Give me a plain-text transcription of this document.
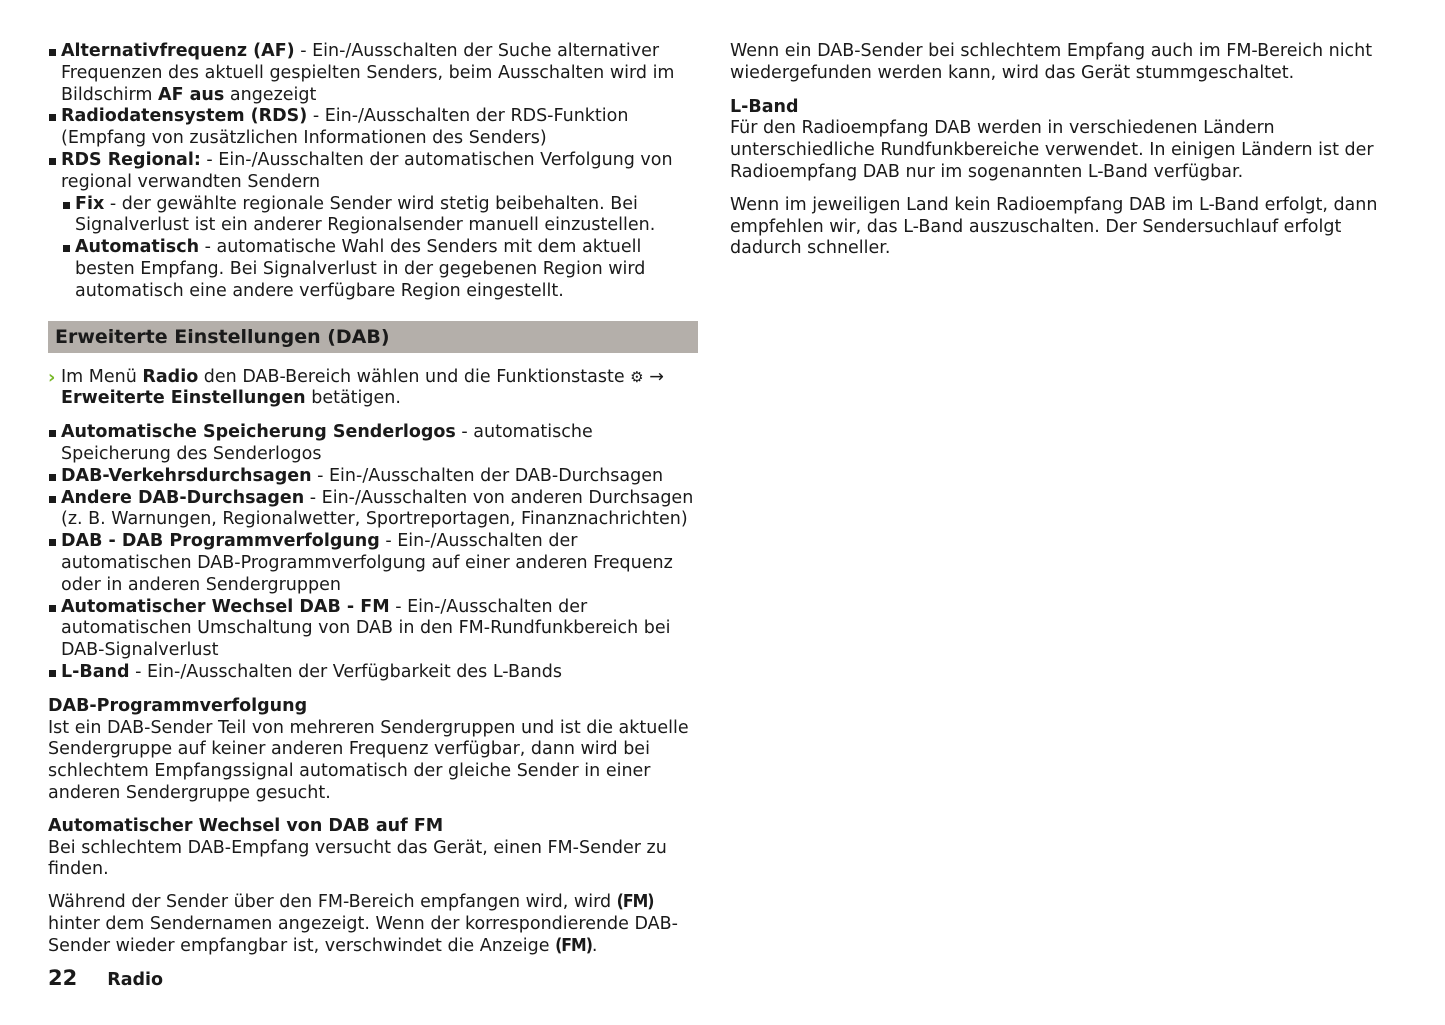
Alternativfrequenz (AF) - Ein-/Ausschalten der Suche alternativer Frequenzen des aktuell gespielten Senders, beim Ausschalten wird im Bildschirm AF aus angezeigt
Radiodatensystem (RDS) - Ein-/Ausschalten der RDS-Funktion (Empfang von zusätzlichen Informationen des Senders)
RDS Regional: - Ein-/Ausschalten der automatischen Verfolgung von regional verwandten Sendern
Fix - der gewählte regionale Sender wird stetig beibehalten. Bei Signalverlust ist ein anderer Regionalsender manuell einzustellen.
Automatisch - automatische Wahl des Senders mit dem aktuell besten Empfang. Bei Signalverlust in der gegebenen Region wird automatisch eine andere verfügbare Region eingestellt.
Erweiterte Einstellungen (DAB)
› Im Menü Radio den DAB-Bereich wählen und die Funktionstaste ⚙ → Erweiterte Einstellungen betätigen.
Automatische Speicherung Senderlogos - automatische Speicherung des Senderlogos
DAB-Verkehrsdurchsagen - Ein-/Ausschalten der DAB-Durchsagen
Andere DAB-Durchsagen - Ein-/Ausschalten von anderen Durchsagen (z. B. Warnungen, Regionalwetter, Sportreportagen, Finanznachrichten)
DAB - DAB Programmverfolgung - Ein-/Ausschalten der automatischen DAB-Programmverfolgung auf einer anderen Frequenz oder in anderen Sendergruppen
Automatischer Wechsel DAB - FM - Ein-/Ausschalten der automatischen Umschaltung von DAB in den FM-Rundfunkbereich bei DAB-Signalverlust
L-Band - Ein-/Ausschalten der Verfügbarkeit des L-Bands
DAB-Programmverfolgung

Ist ein DAB-Sender Teil von mehreren Sendergruppen und ist die aktuelle Sendergruppe auf keiner anderen Frequenz verfügbar, dann wird bei schlechtem Empfangssignal automatisch der gleiche Sender in einer anderen Sendergruppe gesucht.

Automatischer Wechsel von DAB auf FM

Bei schlechtem DAB-Empfang versucht das Gerät, einen FM-Sender zu finden.

Während der Sender über den FM-Bereich empfangen wird, wird (FM) hinter dem Sendernamen angezeigt. Wenn der korrespondierende DAB-Sender wieder empfangbar ist, verschwindet die Anzeige (FM).

Wenn ein DAB-Sender bei schlechtem Empfang auch im FM-Bereich nicht wiedergefunden werden kann, wird das Gerät stummgeschaltet.

L-Band

Für den Radioempfang DAB werden in verschiedenen Ländern unterschiedliche Rundfunkbereiche verwendet. In einigen Ländern ist der Radioempfang DAB nur im sogenannten L-Band verfügbar.

Wenn im jeweiligen Land kein Radioempfang DAB im L-Band erfolgt, dann empfehlen wir, das L-Band auszuschalten. Der Sendersuchlauf erfolgt dadurch schneller.

22 Radio
